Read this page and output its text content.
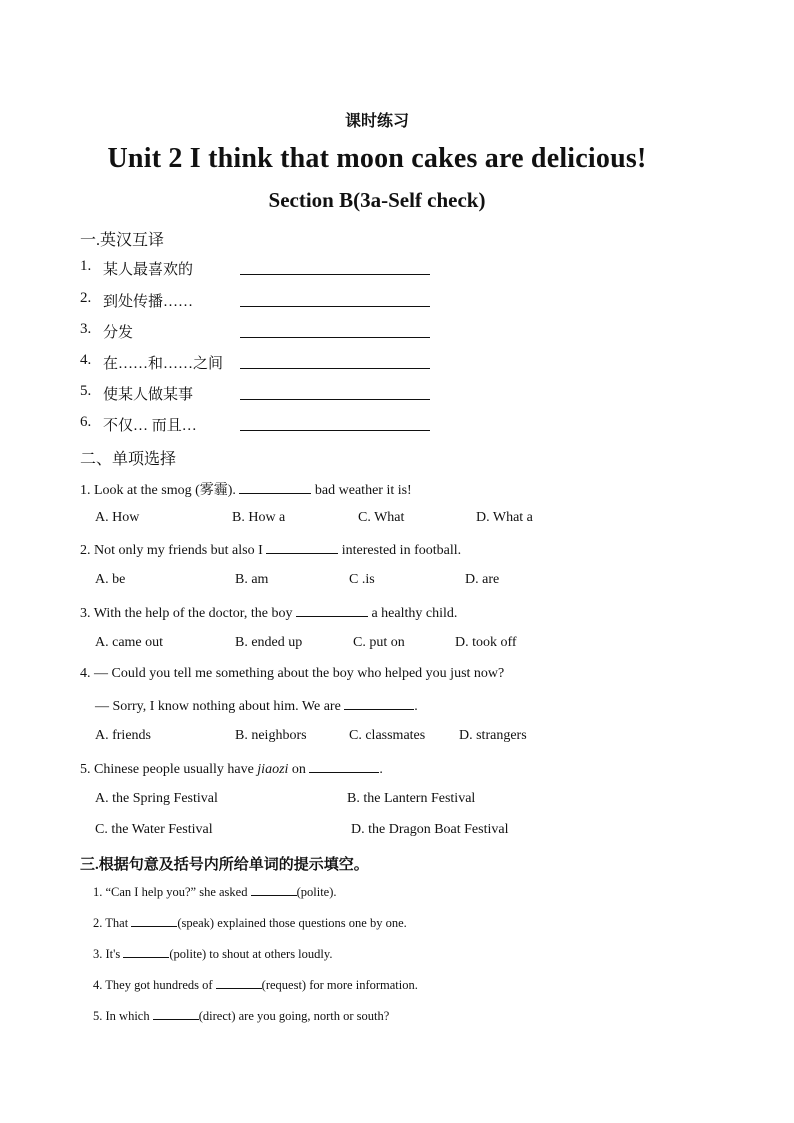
课时练习
Unit 2 I think that moon cakes are delicious!
Section B(3a-Self check)
一.英汉互译
1. 某人最喜欢的
2. 到处传播……
3. 分发
4. 在……和……之间
5. 使某人做某事
6. 不仅… 而且…
二、单项选择
1. Look at the smog (雾霾).	bad weather it is!
A. How	B. How a	C. What	D. What a
2. Not only my friends but also I	interested in football.
A. be	B. am	C .is	D. are
3. With the help of the doctor, the boy	a healthy child.
A. came out	B. ended up	C. put on	D. took off
4. — Could you tell me something about the boy who helped you just now?
— Sorry, I know nothing about him. We are	.
A. friends	B. neighbors	C. classmates D. strangers
5. Chinese people usually have jiaozi on	.
A. the Spring Festival	B. the Lantern Festival
C. the Water Festival	D. the Dragon Boat Festival
三.根据句意及括号内所给单词的提示填空。
1. “Can I help you?” she asked	(polite).
2. That	(speak) explained those questions one by one.
3. It's	(polite) to shout at others loudly.
4. They got hundreds of	(request) for more information.
5. In which	(direct) are you going, north or south?
